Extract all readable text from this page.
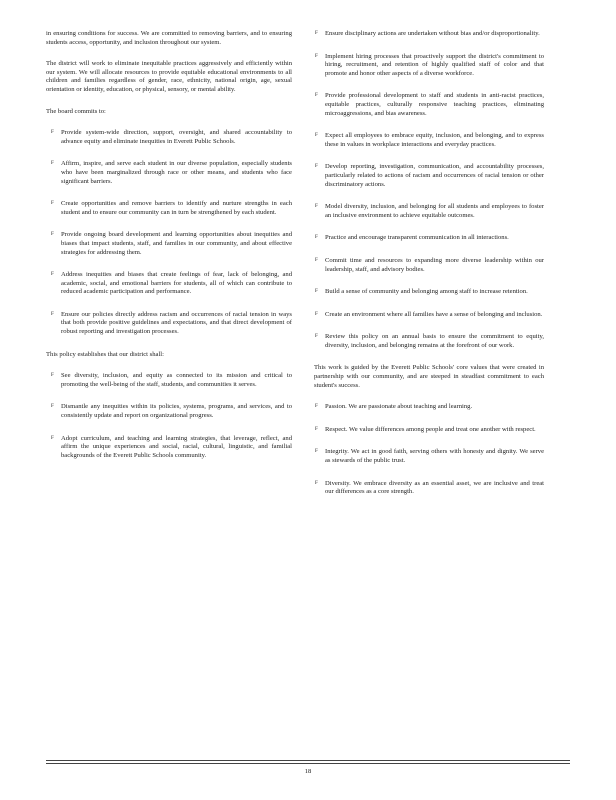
in ensuring conditions for success. We are committed to removing barriers, and to ensuring students access, opportunity, and inclusion throughout our system.

The district will work to eliminate inequitable practices aggressively and efficiently within our system. We will allocate resources to provide equitable educational environments to all children and families regardless of gender, race, ethnicity, national origin, age, sexual orientation or identity, education, or physical, sensory, or mental ability.

The board commits to:

F Provide system-wide direction, support, oversight, and shared accountability to advance equity and eliminate inequities in Everett Public Schools.
F Affirm, inspire, and serve each student in our diverse population, especially students who have been marginalized through race or other means, and students who face significant barriers.
F Create opportunities and remove barriers to identify and nurture strengths in each student and to ensure our community can in turn be strengthened by each student.
F Provide ongoing board development and learning opportunities about inequities and biases that impact students, staff, and families in our community, and about effective strategies for addressing them.
F Address inequities and biases that create feelings of fear, lack of belonging, and academic, social, and emotional barriers for students, all of which can contribute to reduced academic participation and performance.
F Ensure our policies directly address racism and occurrences of racial tension in ways that both provide positive guidelines and expectations, and that direct development of robust reporting and investigation processes.

This policy establishes that our district shall:

F See diversity, inclusion, and equity as connected to its mission and critical to promoting the well-being of the staff, students, and communities it serves.
F Dismantle any inequities within its policies, systems, programs, and services, and to consistently update and report on organizational progress.
F Adopt curriculum, and teaching and learning strategies, that leverage, reflect, and affirm the unique experiences and social, racial, cultural, linguistic, and familial backgrounds of the Everett Public Schools community.
F Ensure disciplinary actions are undertaken without bias and/or disproportionality.
F Implement hiring processes that proactively support the district's commitment to hiring, recruitment, and retention of highly qualified staff of color and that promote and honor other aspects of a diverse workforce.
F Provide professional development to staff and students in anti-racist practices, equitable practices, culturally responsive teaching practices, eliminating microaggressions, and bias awareness.
F Expect all employees to embrace equity, inclusion, and belonging, and to express these in values in workplace interactions and everyday practices.
F Develop reporting, investigation, communication, and accountability processes, particularly related to actions of racism and occurrences of racial tension or other discriminatory actions.
F Model diversity, inclusion, and belonging for all students and employees to foster an inclusive environment to achieve equitable outcomes.
F Practice and encourage transparent communication in all interactions.
F Commit time and resources to expanding more diverse leadership within our leadership, staff, and advisory bodies.
F Build a sense of community and belonging among staff to increase retention.
F Create an environment where all families have a sense of belonging and inclusion.
F Review this policy on an annual basis to ensure the commitment to equity, diversity, inclusion, and belonging remains at the forefront of our work.

This work is guided by the Everett Public Schools' core values that were created in partnership with our community, and are steeped in steadfast commitment to each student's success.

F Passion. We are passionate about teaching and learning.
F Respect. We value differences among people and treat one another with respect.
F Integrity. We act in good faith, serving others with honesty and dignity. We serve as stewards of the public trust.
F Diversity. We embrace diversity as an essential asset, we are inclusive and treat our differences as a core strength.
18
